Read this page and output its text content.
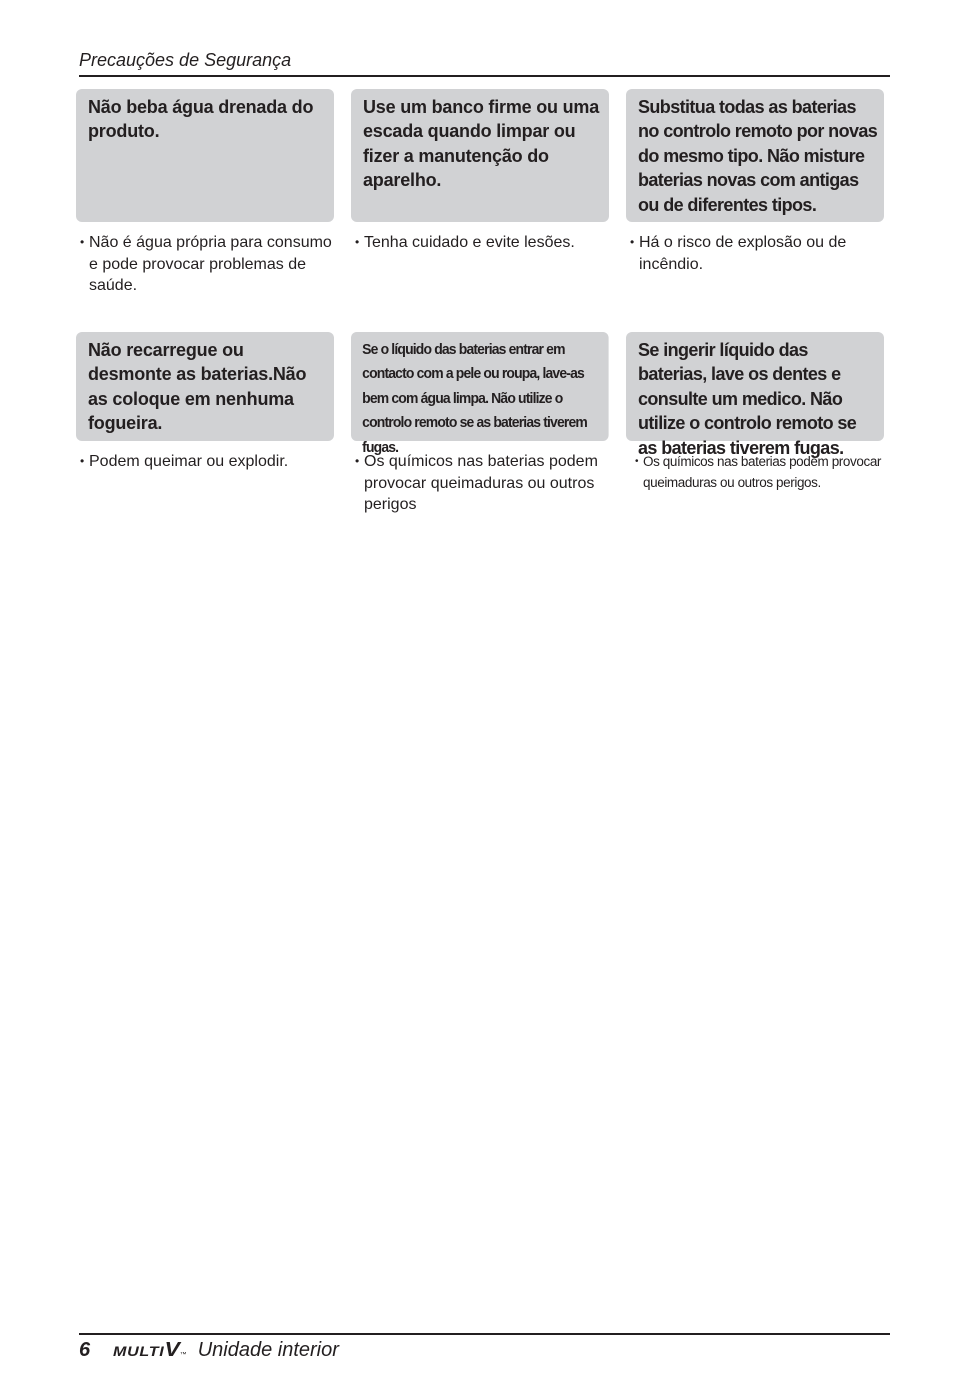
Precauções de Segurança
Não beba água drenada do produto.
• Não é água própria para consumo e pode provocar problemas de saúde.
Use um banco firme ou uma escada quando limpar ou fizer a manutenção do aparelho.
• Tenha cuidado e evite lesões.
Substitua todas as baterias no controlo remoto por novas do mesmo tipo. Não misture baterias novas com antigas ou de diferentes tipos.
• Há o risco de explosão ou de incêndio.
Não recarregue ou desmonte as baterias.Não as coloque em nenhuma fogueira.
• Podem queimar ou explodir.
Se o líquido das baterias entrar em contacto com a pele ou roupa, lave-as bem com água limpa. Não utilize o controlo remoto se as baterias tiverem fugas.
• Os químicos nas baterias podem provocar queimaduras ou outros perigos
Se ingerir líquido das baterias, lave os dentes e consulte um medico. Não utilize o controlo remoto se as baterias tiverem fugas.
• Os químicos nas baterias podem provocar queimaduras ou outros perigos.
6	MULTI V ™ Unidade interior
